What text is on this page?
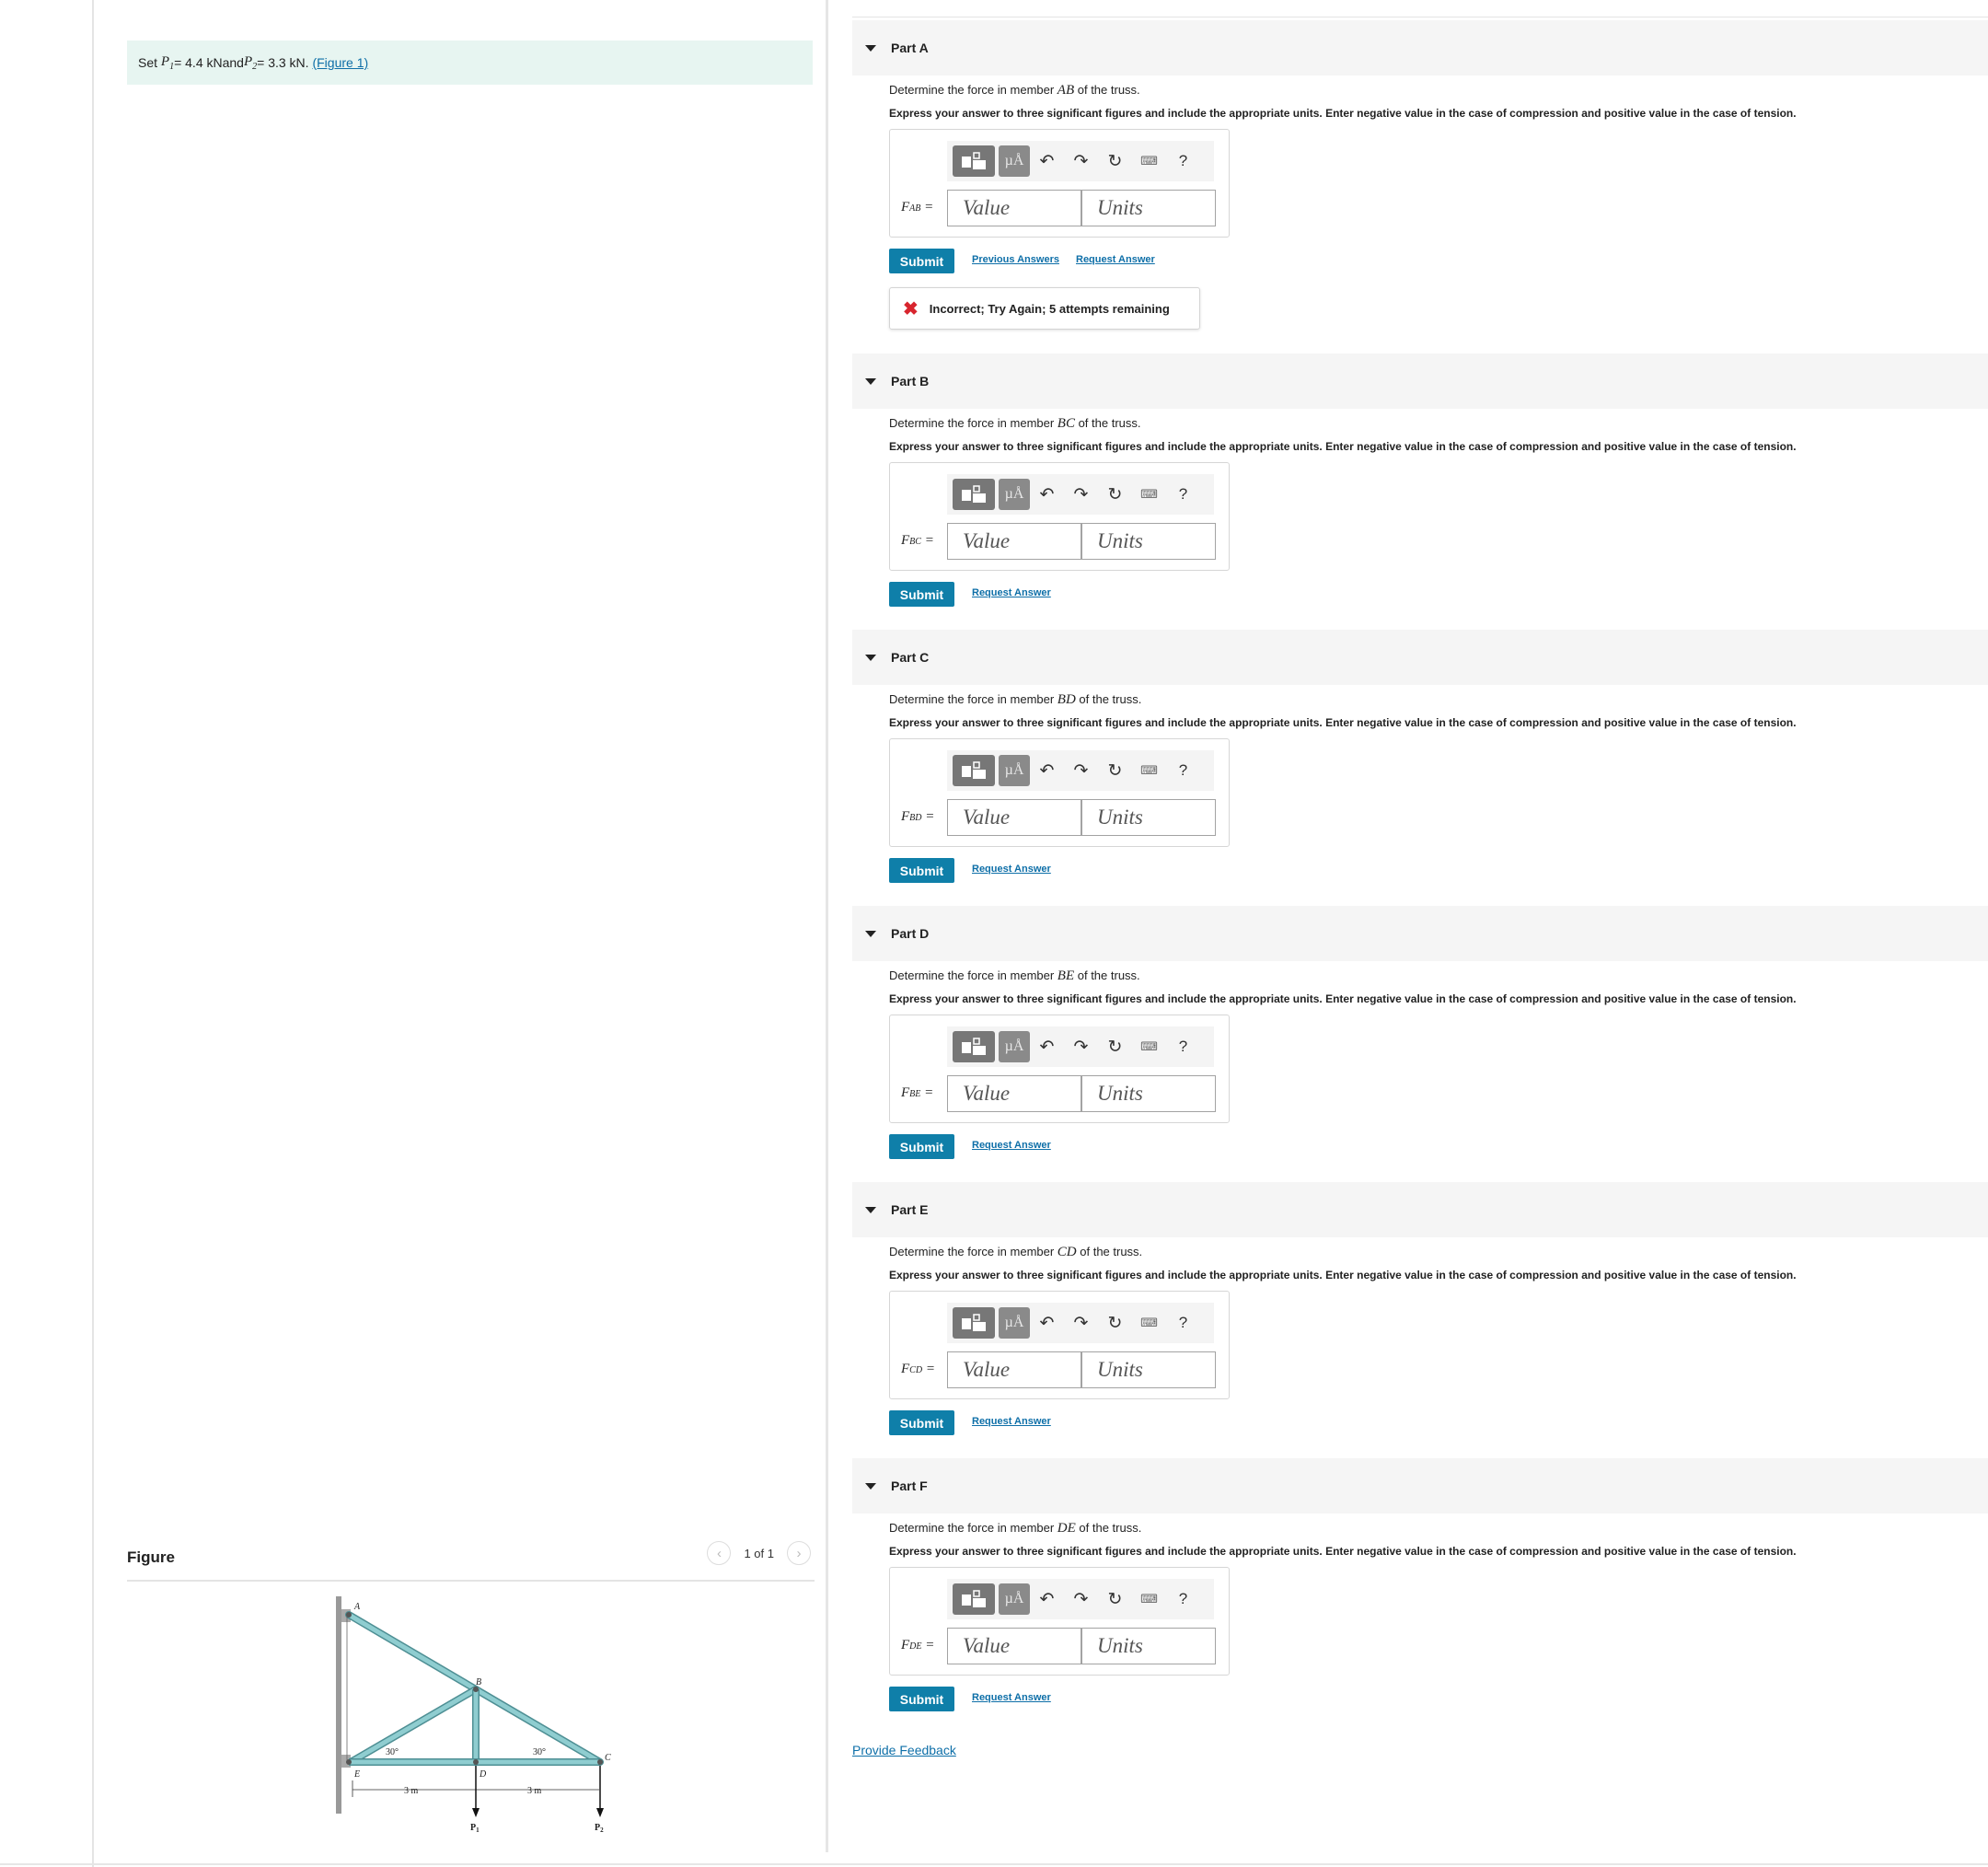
Set
$P_1 = 4.4$ kN and $P_2 = 3.3$ kN.
(Figure 1)
Figure	‹	1 of 1	›
A
B
C
D
E
30°	30°
3 m	3 m
$P_1$	$P_2$
Part A
Determine the force in member AB of the truss.
Express your answer to three significant figures and include the appropriate units. Enter negative value in the case of compression and positive value in the case of tension.
µÅ ↶	↷	↻	⌨	?
FAB =	Value	Units
Submit	Previous Answers Request Answer
✖ Incorrect; Try Again; 5 attempts remaining
Part B
Determine the force in member BC of the truss.
Express your answer to three significant figures and include the appropriate units. Enter negative value in the case of compression and positive value in the case of tension.
µÅ ↶	↷	↻	⌨	?
FBC =	Value	Units
Submit	Request Answer
Part C
Determine the force in member BD of the truss.
Express your answer to three significant figures and include the appropriate units. Enter negative value in the case of compression and positive value in the case of tension.
µÅ ↶	↷	↻	⌨	?
FBD =	Value	Units
Submit	Request Answer
Part D
Determine the force in member BE of the truss.
Express your answer to three significant figures and include the appropriate units. Enter negative value in the case of compression and positive value in the case of tension.
µÅ ↶	↷	↻	⌨	?
FBE =	Value	Units
Submit	Request Answer
Part E
Determine the force in member CD of the truss.
Express your answer to three significant figures and include the appropriate units. Enter negative value in the case of compression and positive value in the case of tension.
µÅ ↶	↷	↻	⌨	?
FCD =	Value	Units
Submit	Request Answer
Part F
Determine the force in member DE of the truss.
Express your answer to three significant figures and include the appropriate units. Enter negative value in the case of compression and positive value in the case of tension.
µÅ ↶	↷	↻	⌨	?
FDE =	Value	Units
Submit	Request Answer
Provide Feedback
